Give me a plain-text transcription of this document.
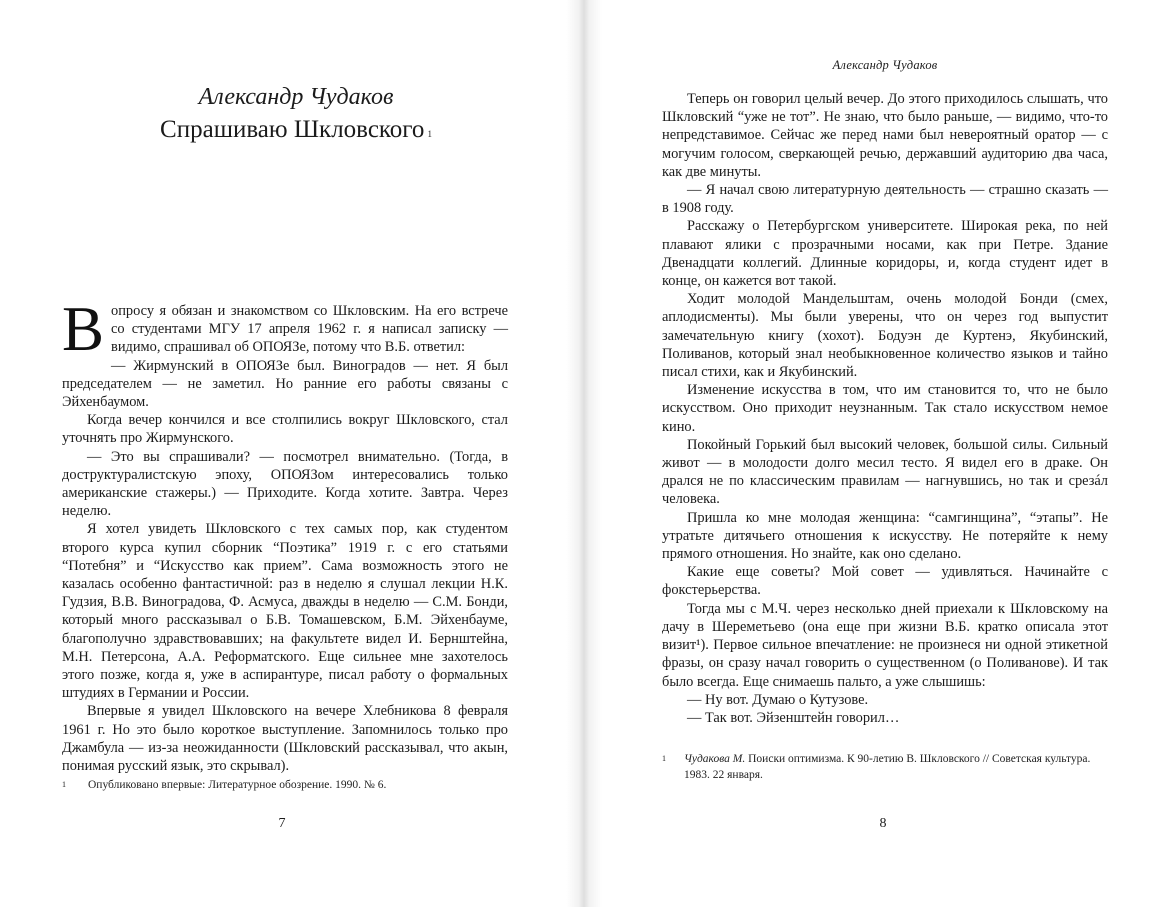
Александр Чудаков
Спрашиваю Шкловского $^1$

Вопросу я обязан и знакомством со Шкловским. На его встрече со студентами МГУ 17 апреля 1962 г. я написал записку — видимо, спрашивал об ОПОЯЗе, потому что В.Б. ответил:

— Жирмунский в ОПОЯЗе был. Виноградов — нет. Я был председателем — не заметил. Но ранние его работы связаны с Эйхенбаумом.

Когда вечер кончился и все столпились вокруг Шкловского, стал уточнять про Жирмунского.

— Это вы спрашивали? — посмотрел внимательно. (Тогда, в доструктуралистскую эпоху, ОПОЯЗом интересовались только американские стажеры.) — Приходите. Когда хотите. Завтра. Через неделю.

Я хотел увидеть Шкловского с тех самых пор, как студентом второго курса купил сборник “Поэтика” 1919 г. с его статьями “Потебня” и “Искусство как прием”. Сама возможность этого не казалась особенно фантастичной: раз в неделю я слушал лекции Н.К. Гудзия, В.В. Виноградова, Ф. Асмуса, дважды в неделю — С.М. Бонди, который много рассказывал о Б.В. Томашевском, Б.М. Эйхенбауме, благополучно здравствовавших; на факультете видел И. Бернштейна, М.Н. Петерсона, А.А. Реформатского. Еще сильнее мне захотелось этого позже, когда я, уже в аспирантуре, писал работу о формальных штудиях в Германии и России.

Впервые я увидел Шкловского на вечере Хлебникова 8 февраля 1961 г. Но это было короткое выступление. Запомнилось только про Джамбула — из-за неожиданности (Шкловский рассказывал, что акын, понимая русский язык, это скрывал).

1 Опубликовано впервые: Литературное обозрение. 1990. № 6.
7
Александр Чудаков

Теперь он говорил целый вечер. До этого приходилось слышать, что Шкловский “уже не тот”. Не знаю, что было раньше, — видимо, что-то непредставимое. Сейчас же перед нами был невероятный оратор — с могучим голосом, сверкающей речью, державший аудиторию два часа, как две минуты.

— Я начал свою литературную деятельность — страшно сказать — в 1908 году.

Расскажу о Петербургском университете. Широкая река, по ней плавают ялики с прозрачными носами, как при Петре. Здание Двенадцати коллегий. Длинные коридоры, и, когда студент идет в конце, он кажется вот такой.

Ходит молодой Мандельштам, очень молодой Бонди (смех, аплодисменты). Мы были уверены, что он через год выпустит замечательную книгу (хохот). Бодуэн де Куртенэ, Якубинский, Поливанов, который знал необыкновенное количество языков и тайно писал стихи, как и Якубинский.

Изменение искусства в том, что им становится то, что не было искусством. Оно приходит неузнанным. Так стало искусством немое кино.

Покойный Горький был высокий человек, большой силы. Сильный живот — в молодости долго месил тесто. Я видел его в драке. Он дрался не по классическим правилам — нагнувшись, но так и срезáл человека.

Пришла ко мне молодая женщина: “самгинщина”, “этапы”. Не утратьте дитячьего отношения к искусству. Не потеряйте к нему прямого отношения. Но знайте, как оно сделано.

Какие еще советы? Мой совет — удивляться. Начинайте с фокстерьерства.

Тогда мы с М.Ч. через несколько дней приехали к Шкловскому на дачу в Шереметьево (она еще при жизни В.Б. кратко описала этот визит¹). Первое сильное впечатление: не произнеся ни одной этикетной фразы, он сразу начал говорить о существенном (о Поливанове). И так было всегда. Еще снимаешь пальто, а уже слышишь:

— Ну вот. Думаю о Кутузове.

— Так вот. Эйзенштейн говорил…

1 Чудакова М. Поиски оптимизма. К 90-летию В. Шкловского // Советская культура. 1983. 22 января.
8
